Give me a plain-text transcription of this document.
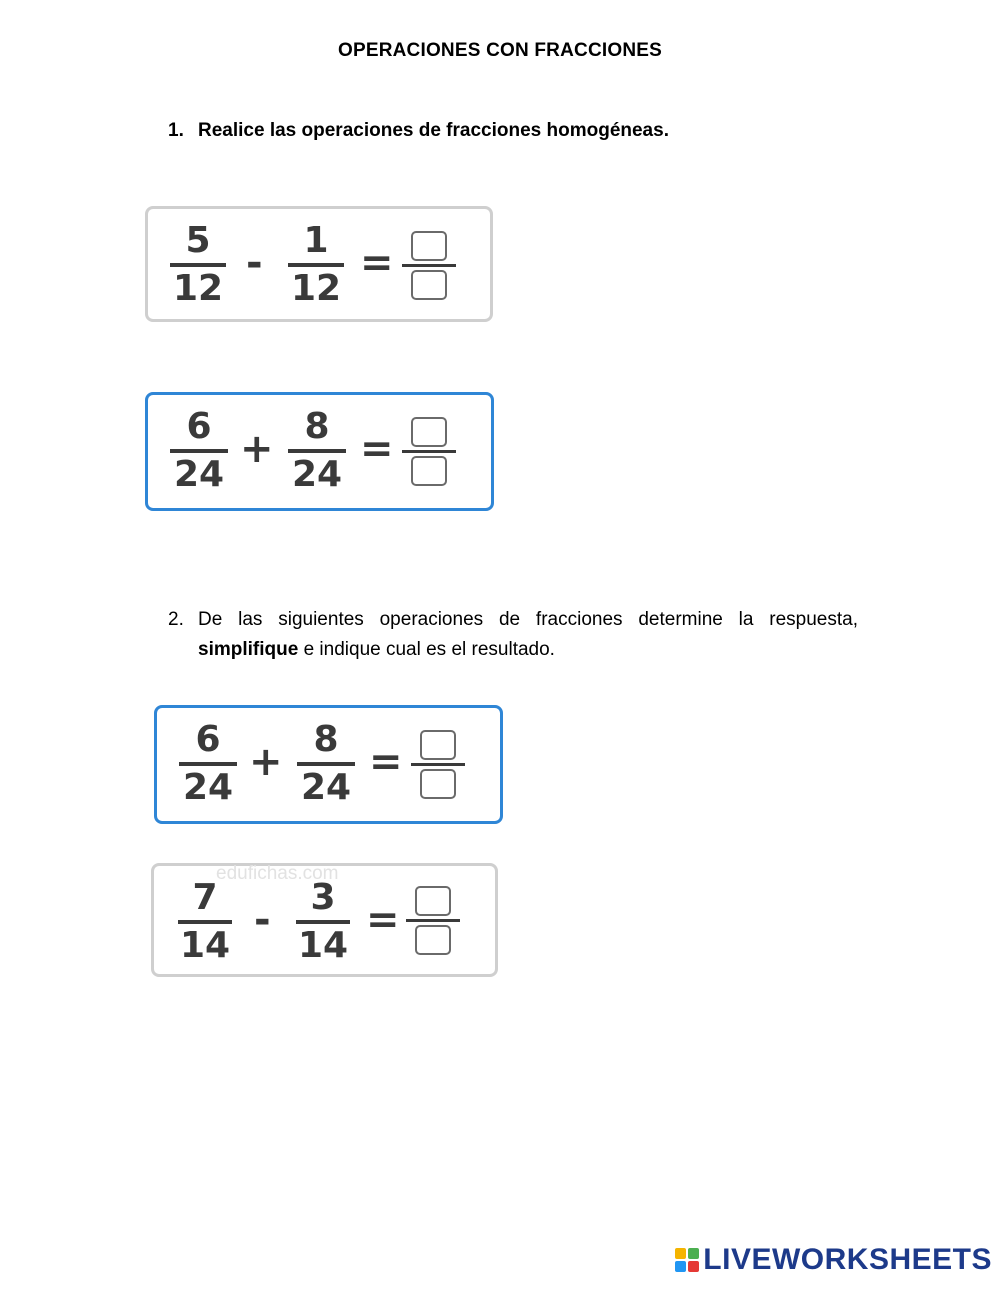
OPERACIONES CON FRACCIONES
1. Realice las operaciones de fracciones homogéneas.
5
12
-	1
12
=
6
24
+ 8
24
=
2. De las siguientes operaciones de fracciones determine la respuesta,
simplifique e indique cual es el resultado.
6
24
+ 8
24
=
edufichas.com
7
14
-	3
14
=
LIVEWORKSHEETS
